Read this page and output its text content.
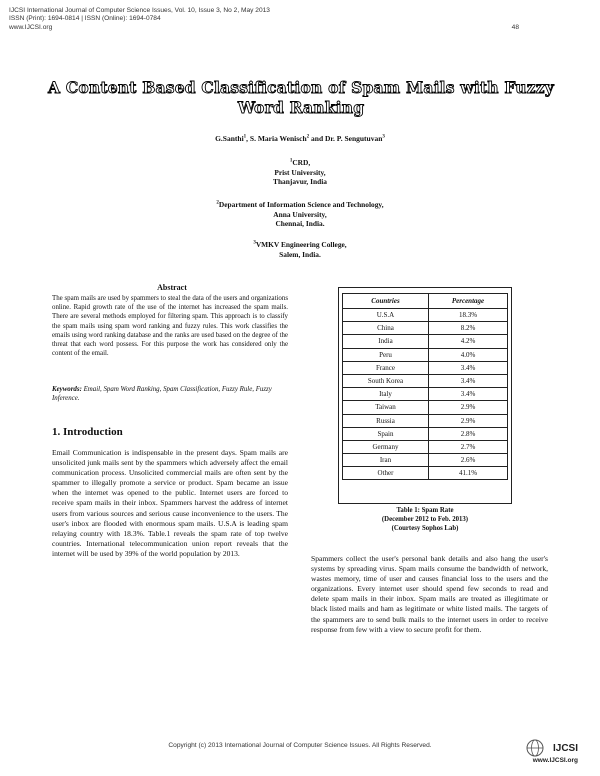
IJCSI International Journal of Computer Science Issues, Vol. 10, Issue 3, No 2, May 2013
ISSN (Print): 1694-0814 | ISSN (Online): 1694-0784
www.IJCSI.org	48
A Content Based Classification of Spam Mails with Fuzzy Word Ranking
G.Santhi$^1$, S. Maria Wenisch$^2$ and Dr. P. Sengutuvan$^3$
$^1$CRD,
Prist University,
Thanjavur, India
$^2$Department of Information Science and Technology,
Anna University,
Chennai, India.
$^3$VMKV Engineering College,
Salem, India.
Abstract
The spam mails are used by spammers to steal the data of the users and organizations online. Rapid growth rate of the use of the internet has increased the spam mails. There are several methods employed for filtering spam. This approach is to classify the spam mails using spam word ranking and fuzzy rules. This work classifies the emails using word ranking database and the ranks are used based on the degree of the threat that each word possess. For this purpose the work has considered only the content of the email.
Keywords: Email, Spam Word Ranking, Spam Classification, Fuzzy Rule, Fuzzy Inference.
1. Introduction
Email Communication is indispensable in the present days. Spam mails are unsolicited junk mails sent by the spammers which adversely affect the email communication process. Unsolicited commercial mails are often sent by the spammer to illegally promote a service or product. Spam became an issue when the internet was opened to the public. Internet users are forced to receive spam mails in their inbox. Spammers harvest the address of internet users from various sources and serious cause inconvenience to the users. The user's inbox are flooded with enormous spam mails. U.S.A is leading spam relaying country with 18.3%. Table.1 reveals the spam rate of top twelve countries. International telecommunication union report reveals that the internet will be used by 39% of the world population by 2013.
Countries	Percentage
U.S.A	18.3%
China	8.2%
India	4.2%
Peru	4.0%
France	3.4%
South Korea	3.4%
Italy	3.4%
Taiwan	2.9%
Russia	2.9%
Spain	2.8%
Germany	2.7%
Iran	2.6%
Other	41.1%
Table 1: Spam Rate
(December 2012 to Feb. 2013)
(Courtesy Sophos Lab)
Spammers collect the user's personal bank details and also hang the user's systems by spreading virus. Spam mails consume the bandwidth of network, wastes memory, time of user and causes financial loss to the users and the organizations. Every internet user should spend few seconds to read and delete spam mails in their inbox. Spam mails are treated as illegitimate or black listed mails and ham as legitimate or white listed mails. The targets of the spammers are to send bulk mails to the internet users in order to receive response from few with a view to secure profit for them.
Copyright (c) 2013 International Journal of Computer Science Issues. All Rights Reserved.	IJCSI
www.IJCSI.org
